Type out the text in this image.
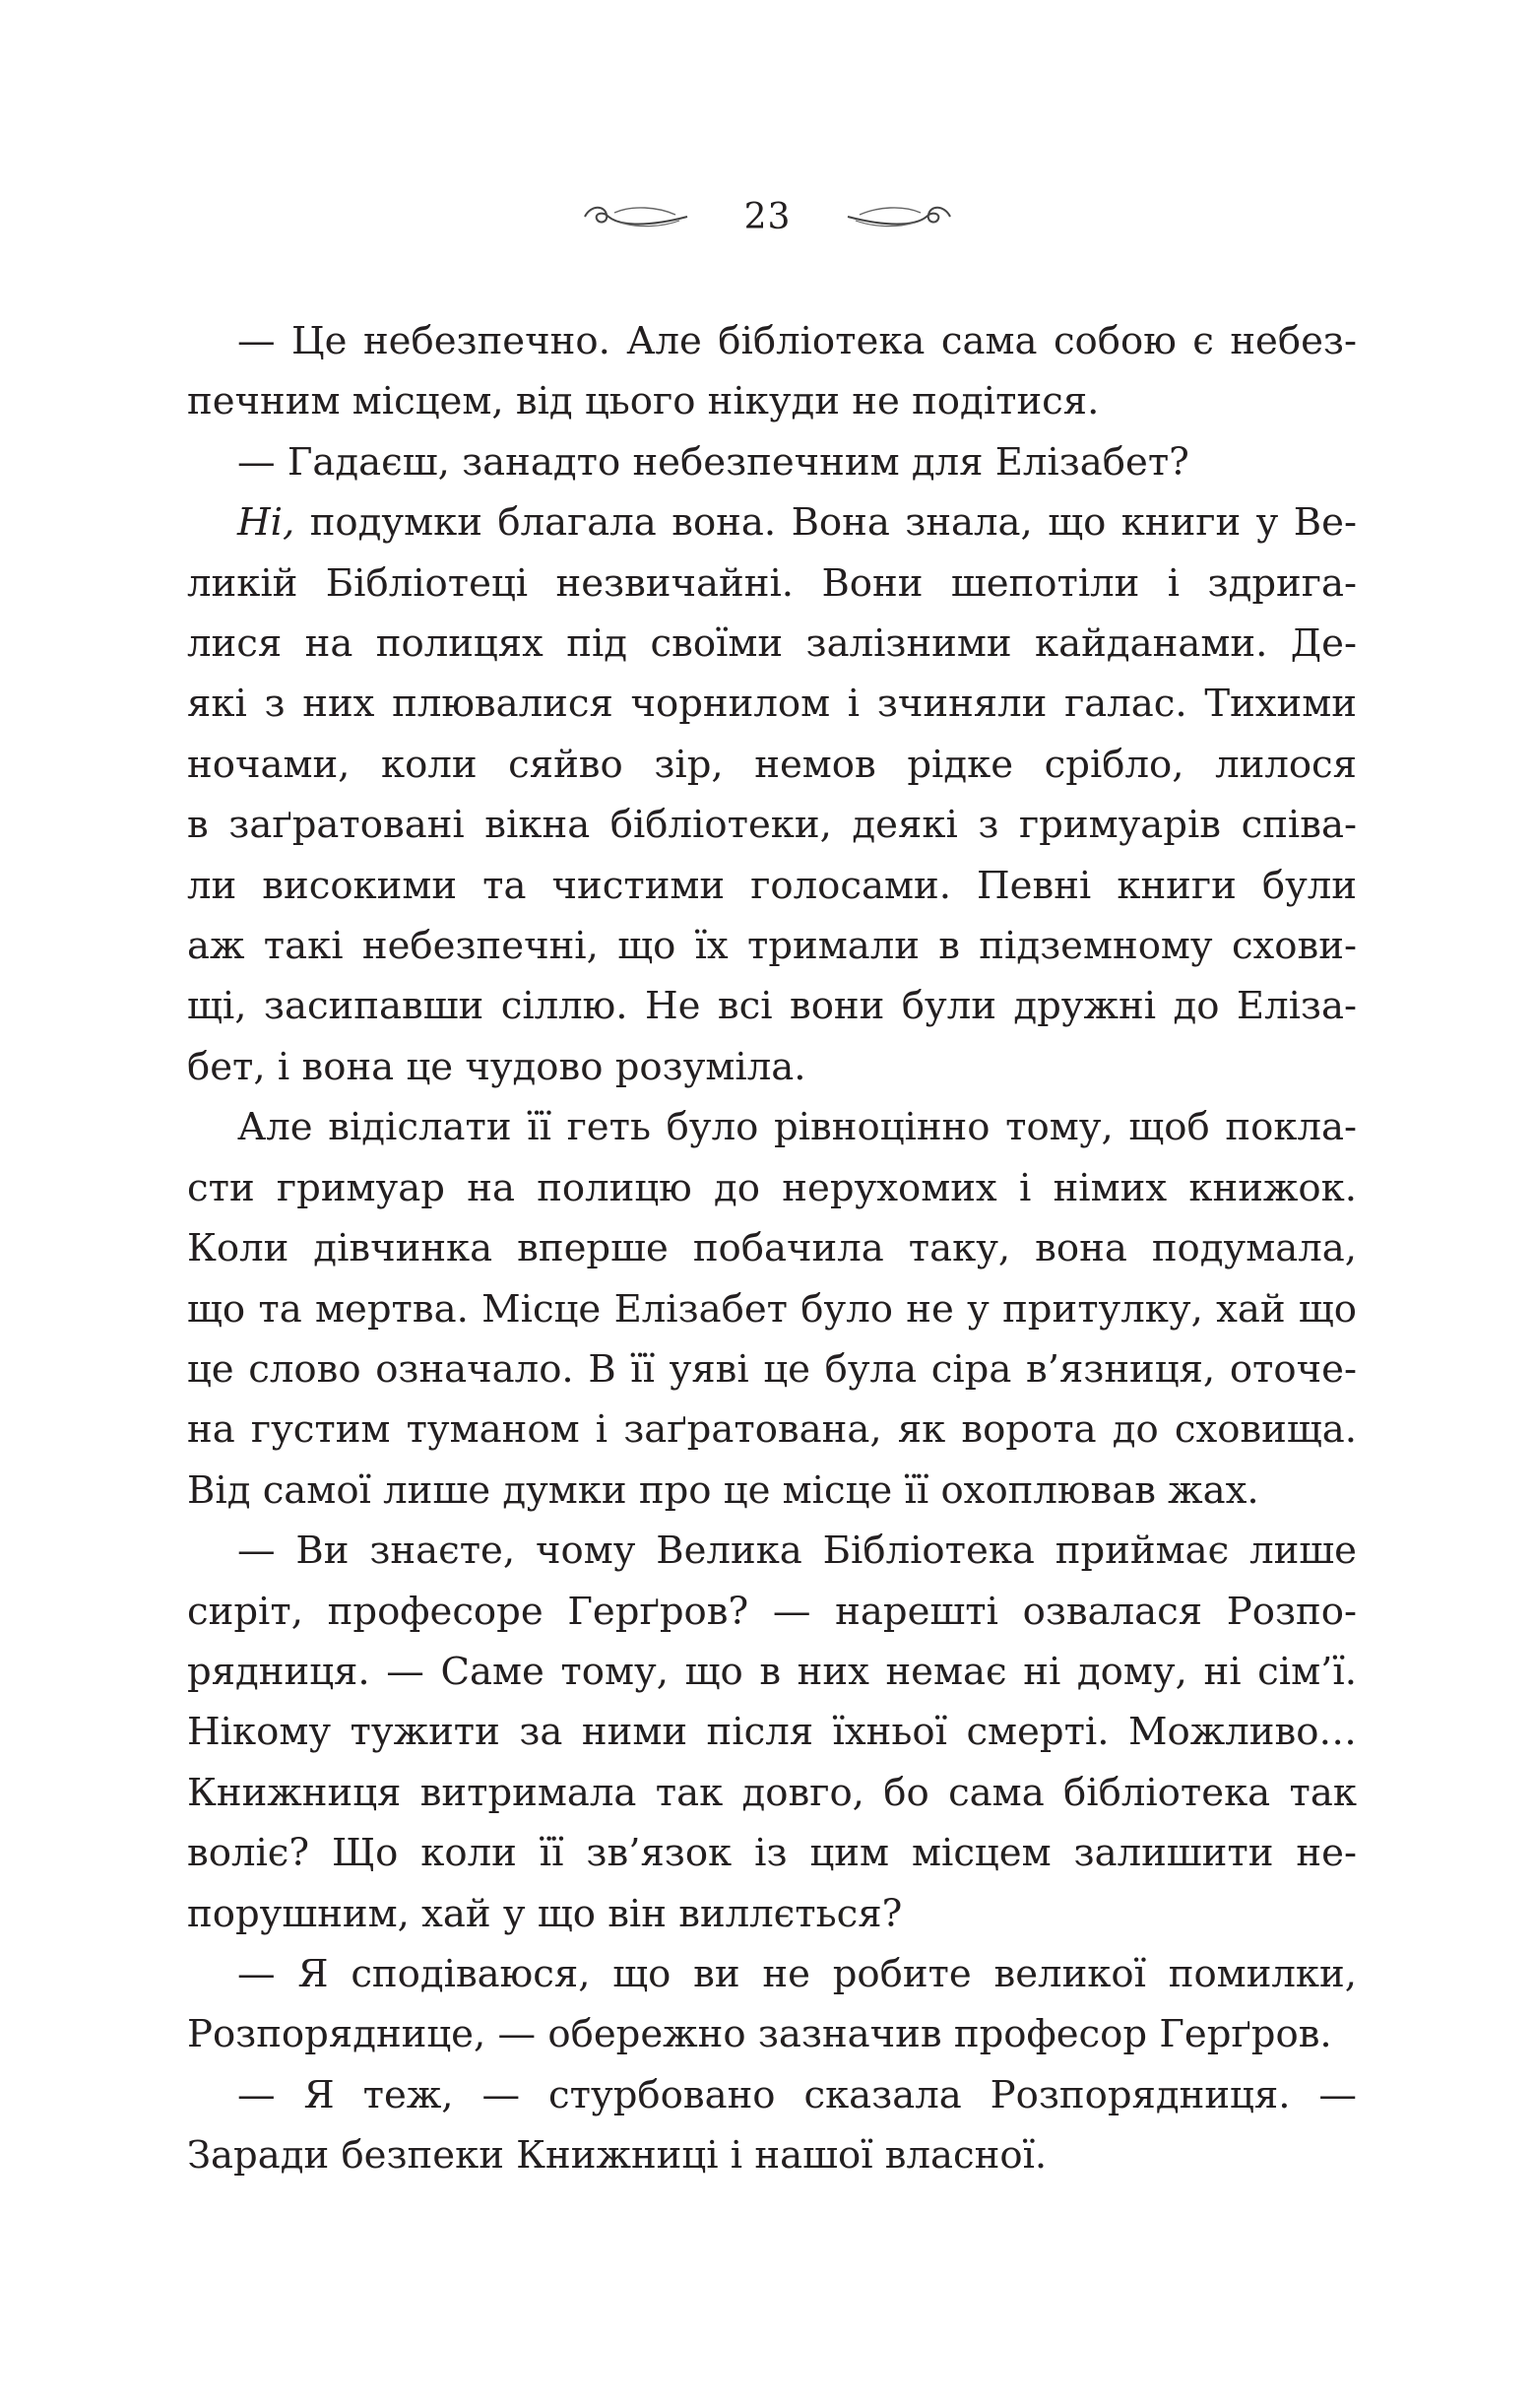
23
— Це небезпечно. Але бібліотека сама собою є небез-
печним місцем, від цього нікуди не подітися.
— Гадаєш, занадто небезпечним для Елізабет?
Ні, подумки благала вона. Вона знала, що книги у Ве-
ликій Бібліотеці незвичайні. Вони шепотіли і здрига-
лися на полицях під своїми залізними кайданами. Де-
які з них плювалися чорнилом і зчиняли галас. Тихими
ночами, коли сяйво зір, немов рідке срібло, лилося
в заґратовані вікна бібліотеки, деякі з гримуарів співа-
ли високими та чистими голосами. Певні книги були
аж такі небезпечні, що їх тримали в підземному схови-
щі, засипавши сіллю. Не всі вони були дружні до Еліза-
бет, і вона це чудово розуміла.
Але відіслати її геть було рівноцінно тому, щоб покла-
сти гримуар на полицю до нерухомих і німих книжок.
Коли дівчинка вперше побачила таку, вона подумала,
що та мертва. Місце Елізабет було не у притулку, хай що
це слово означало. В її уяві це була сіра в’язниця, оточе-
на густим туманом і заґратована, як ворота до сховища.
Від самої лише думки про це місце її охоплював жах.
— Ви знаєте, чому Велика Бібліотека приймає лише
сиріт, професоре Герґров? — нарешті озвалася Розпо-
рядниця. — Саме тому, що в них немає ні дому, ні сім’ї.
Нікому тужити за ними після їхньої смерті. Можливо…
Книжниця витримала так довго, бо сама бібліотека так
воліє? Що коли її зв’язок із цим місцем залишити не-
порушним, хай у що він виллється?
— Я сподіваюся, що ви не робите великої помилки,
Розпоряднице, — обережно зазначив професор Герґров.
— Я теж, — стурбовано сказала Розпорядниця. —
Заради безпеки Книжниці і нашої власної.
